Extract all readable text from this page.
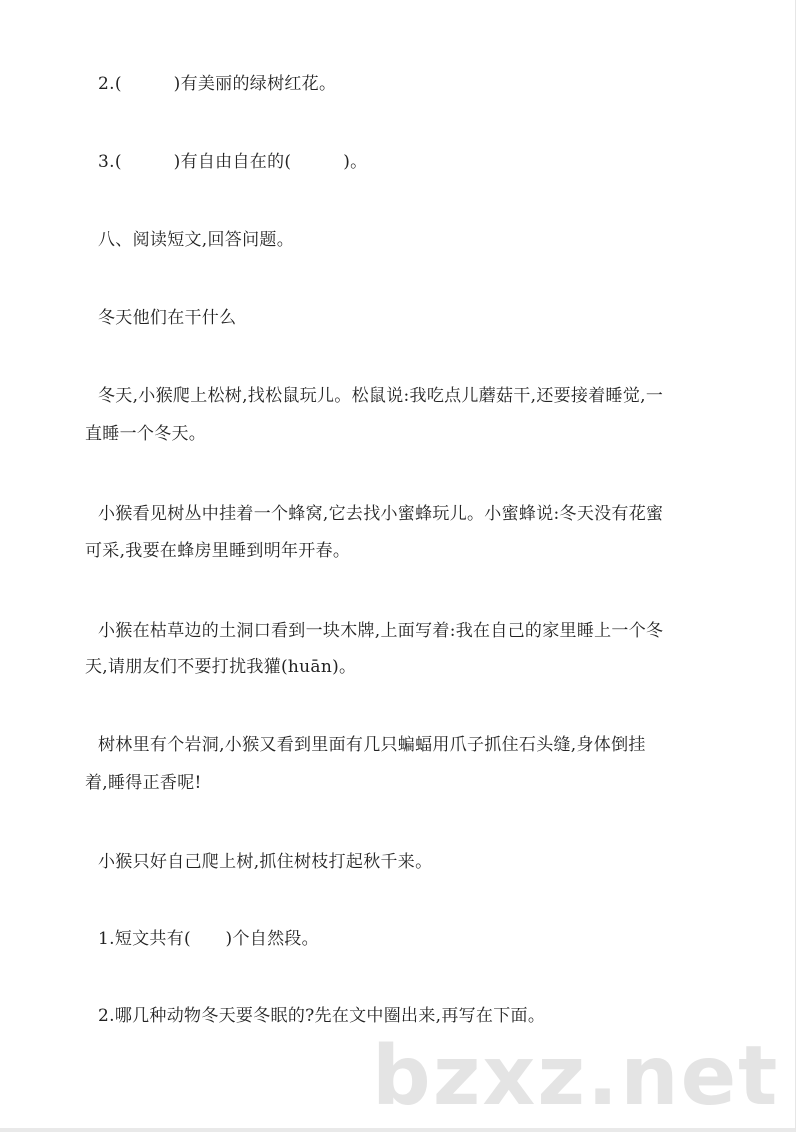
bzxz.net
2.(　　　)有美丽的绿树红花。
3.(　　　)有自由自在的(　　　)。
八、阅读短文,回答问题。
冬天他们在干什么
冬天,小猴爬上松树,找松鼠玩儿。松鼠说:我吃点儿蘑菇干,还要接着睡觉,一
直睡一个冬天。
小猴看见树丛中挂着一个蜂窝,它去找小蜜蜂玩儿。小蜜蜂说:冬天没有花蜜
可采,我要在蜂房里睡到明年开春。
小猴在枯草边的土洞口看到一块木牌,上面写着:我在自己的家里睡上一个冬
天,请朋友们不要打扰我獾(huān)。
树林里有个岩洞,小猴又看到里面有几只蝙蝠用爪子抓住石头缝,身体倒挂
着,睡得正香呢!
小猴只好自己爬上树,抓住树枝打起秋千来。
1.短文共有(　　)个自然段。
2.哪几种动物冬天要冬眠的?先在文中圈出来,再写在下面。
